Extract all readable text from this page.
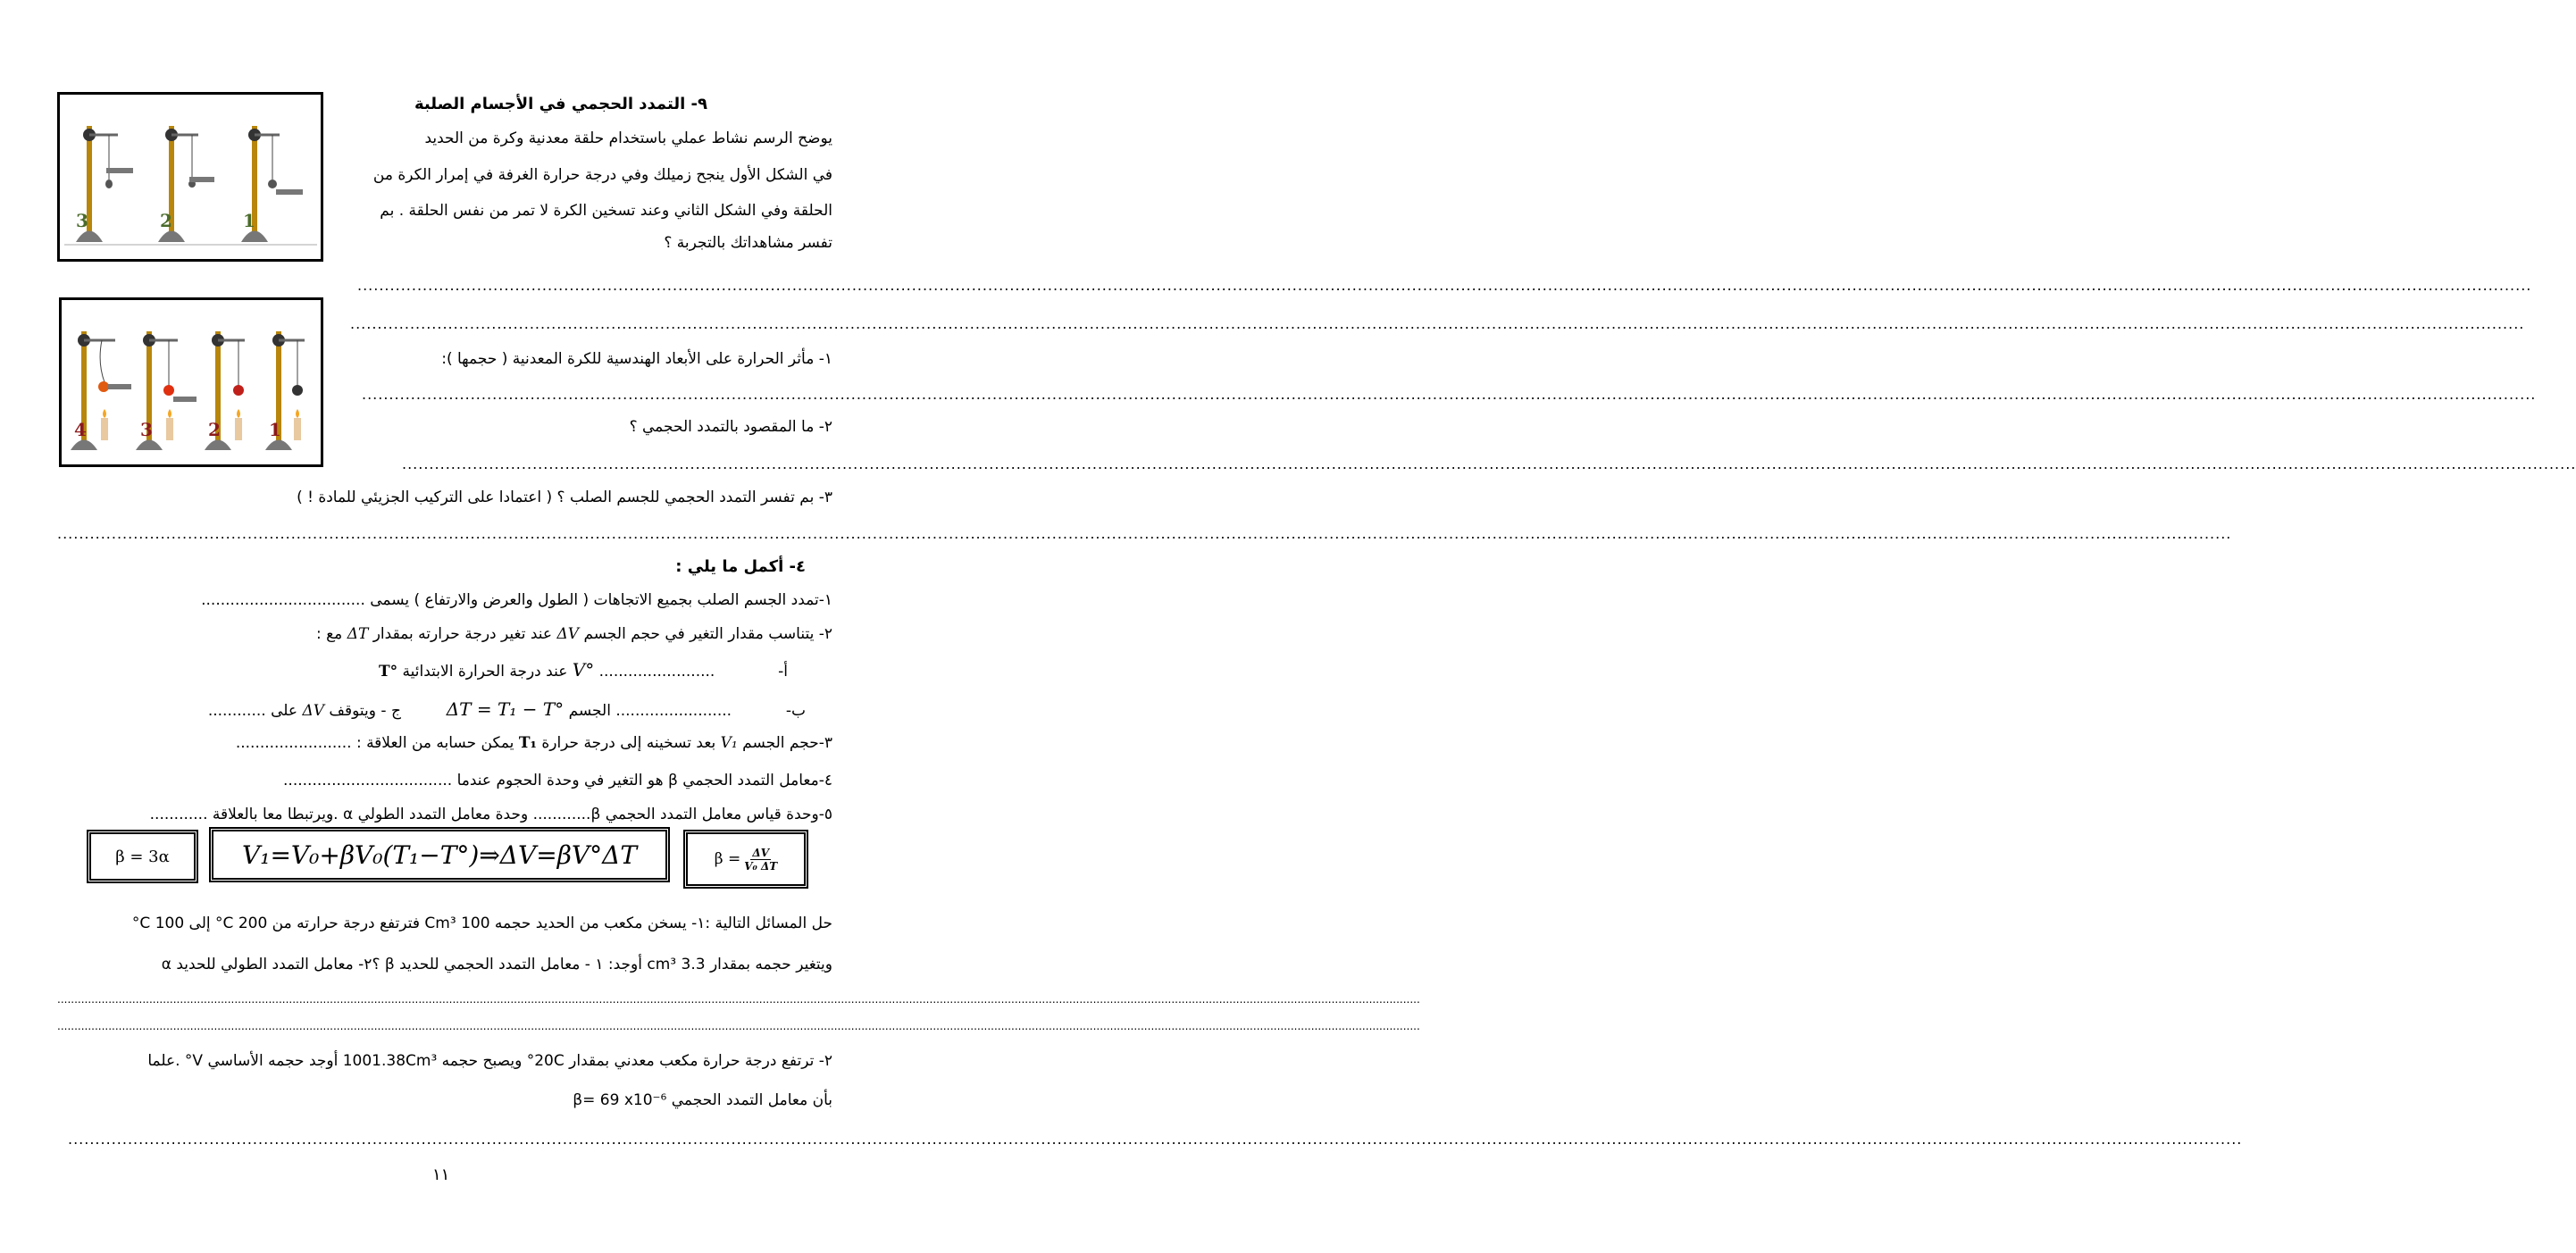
3	2	1
4	3	2	1
٩- التمدد الحجمي في الأجسام الصلبة
يوضح الرسم نشاط عملي باستخدام حلقة معدنية وكرة من الحديد
في الشكل الأول ينجح زميلك وفي درجة حرارة الغرفة في إمرار الكرة من
الحلقة وفي الشكل الثاني وعند تسخين الكرة لا تمر من نفس الحلقة . بم
تفسر مشاهداتك بالتجربة ؟
................................................................................................................................................................................................................................................................................................................................................................................................................
................................................................................................................................................................................................................................................................................................................................................................................................................
١- مأثر الحرارة على الأبعاد الهندسية للكرة المعدنية ( حجمها ):
................................................................................................................................................................................................................................................................................................................................................................................................................
٢- ما المقصود بالتمدد الحجمي ؟
................................................................................................................................................................................................................................................................................................................................................................................................................
٣- بم تفسر التمدد الحجمي للجسم الصلب ؟ ( اعتمادا على التركيب الجزيئي للمادة ! )
................................................................................................................................................................................................................................................................................................................................................................................................................
٤- أكمل ما يلي :
١-تمدد الجسم الصلب بجميع الاتجاهات ( الطول والعرض والارتفاع ) يسمى ..................................
٢- يتناسب مقدار التغير في حجم الجسم ΔV عند تغير درجة حرارته بمقدار ΔT مع :
أ-  ........................ V° عند درجة الحرارة الابتدائية T°
ب-  ........................ الجسم ΔT = T₁ − T°  ج - ويتوقف ΔV على ............
٣-حجم الجسم V₁ بعد تسخينه إلى درجة حرارة T₁ يمكن حسابه من العلاقة : ........................
٤-معامل التمدد الحجمي β هو التغير في وحدة الحجوم عندما ...................................
٥-وحدة قياس معامل التمدد الحجمي β............ وحدة معامل التمدد الطولي α .ويرتبطا معا بالعلاقة ............
β = 3α	V₁=V₀+βV₀(T₁−T°)⇒ΔV=βV°ΔT	$\beta = \frac{\Delta V}{\text{V₀ ΔT}}$
حل المسائل التالية :١- يسخن مكعب من الحديد حجمه 100 Cm³ فترتفع درجة حرارته من 200 C° إلى 100 C°
ويتغير حجمه بمقدار 3.3 cm³ أوجد: ١ - معامل التمدد الحجمي للحديد β ؟٢- معامل التمدد الطولي للحديد α
................................................................................................................................................................................................................................................................................................................................................................................................................
................................................................................................................................................................................................................................................................................................................................................................................................................
٢- ترتفع درجة حرارة مكعب معدني بمقدار 20C° ويصبح حجمه 1001.38Cm³ أوجد حجمه الأساسي V° .علما
بأن معامل التمدد الحجمي β= 69 x10⁻⁶
................................................................................................................................................................................................................................................................................................................................................................................................................
١١
